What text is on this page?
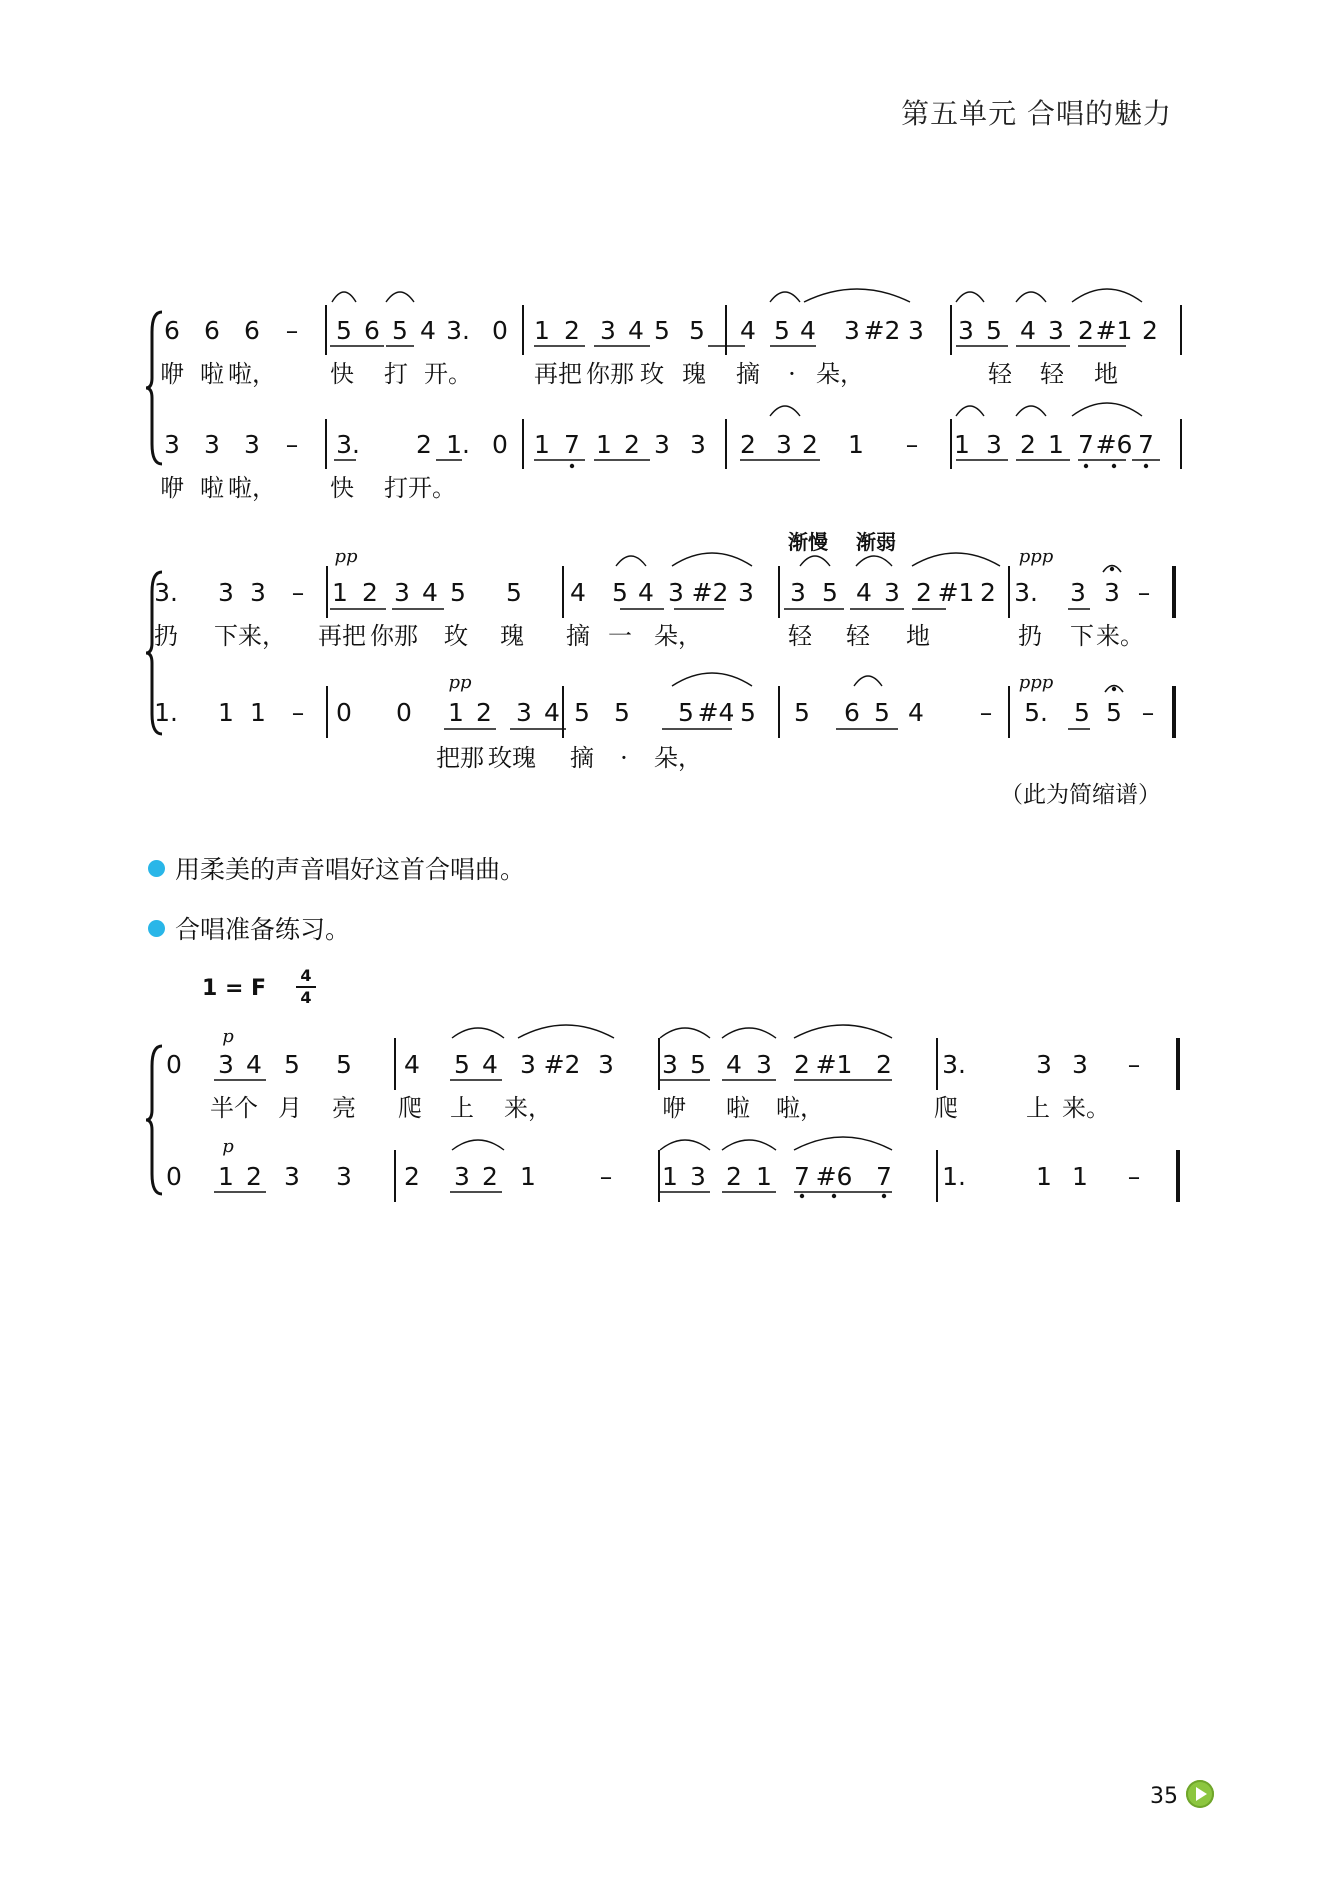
第五单元 合唱的魅力
6 6 6 – 5 6 5 4 3. 0 1 2 3 4 5 5 4 5 4 3 #2 3 3 5 4 3 2 #1 2
咿 啦 啦， 快 打 开。	再把 你那 玫 瑰 摘 · 朵，	轻 轻 地
3 3 3 – 3. 2 1. 0 1 7 1 2 3 3 2 3 2 1 – 1 3 2 1 7 #6 7
咿 啦 啦， 快 打开。
渐慢 渐弱
pp	ppp
pp	ppp
3. 3 3 – 1 2 3 4 5 5 4 5 4 3 #2 3 3 5 4 3 2 #1 2 3. 3 3 –
扔 下 来， 再把 你那 玫 瑰 摘 一 朵，	轻 轻 地	扔 下 来。
1. 1 1 – 0 0 1 2 3 4 5 5 5 #4 5 5 6 5 4 – 5. 5 5 –
把那 玫瑰 摘 · 朵，
p
p
0 3 4 5 5 4 5 4 3 #2 3 3 5 4 3 2 #1 2 3.	3 3 –
半个 月 亮 爬 上 来，	咿 啦 啦，	爬	上 来。
0 1 2 3 3 2 3 2 1	– 1 3 2 1 7 #6 7 1.	1 1 –
（此为简缩谱）
用柔美的声音唱好这首合唱曲。
合唱准备练习。
1 = F
4
4
35
